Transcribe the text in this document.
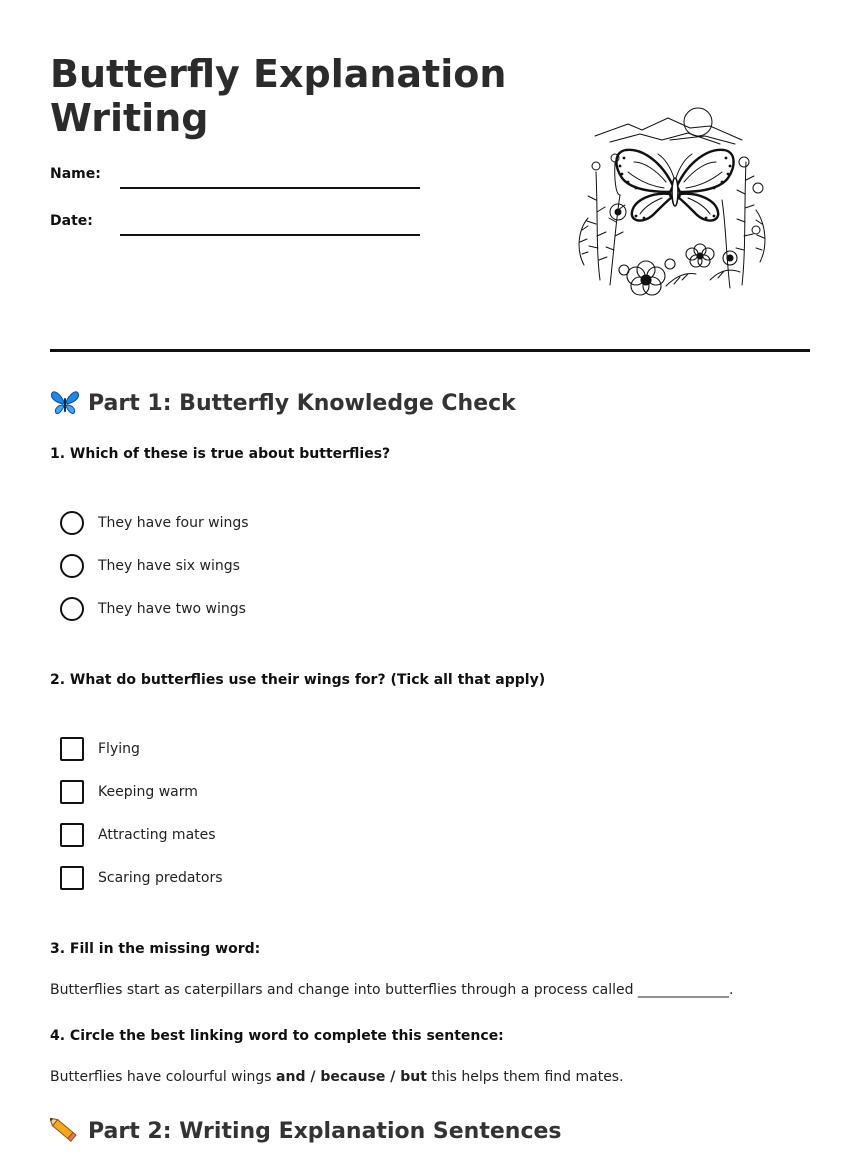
Butterfly Explanation Writing
Name:
Date:
Part 1: Butterfly Knowledge Check
1. Which of these is true about butterflies?
They have four wings
They have six wings
They have two wings
2. What do butterflies use their wings for? (Tick all that apply)
Flying
Keeping warm
Attracting mates
Scaring predators
3. Fill in the missing word:
Butterflies start as caterpillars and change into butterflies through a process called _____________.
4. Circle the best linking word to complete this sentence:
Butterflies have colourful wings and / because / but this helps them find mates.
Part 2: Writing Explanation Sentences
